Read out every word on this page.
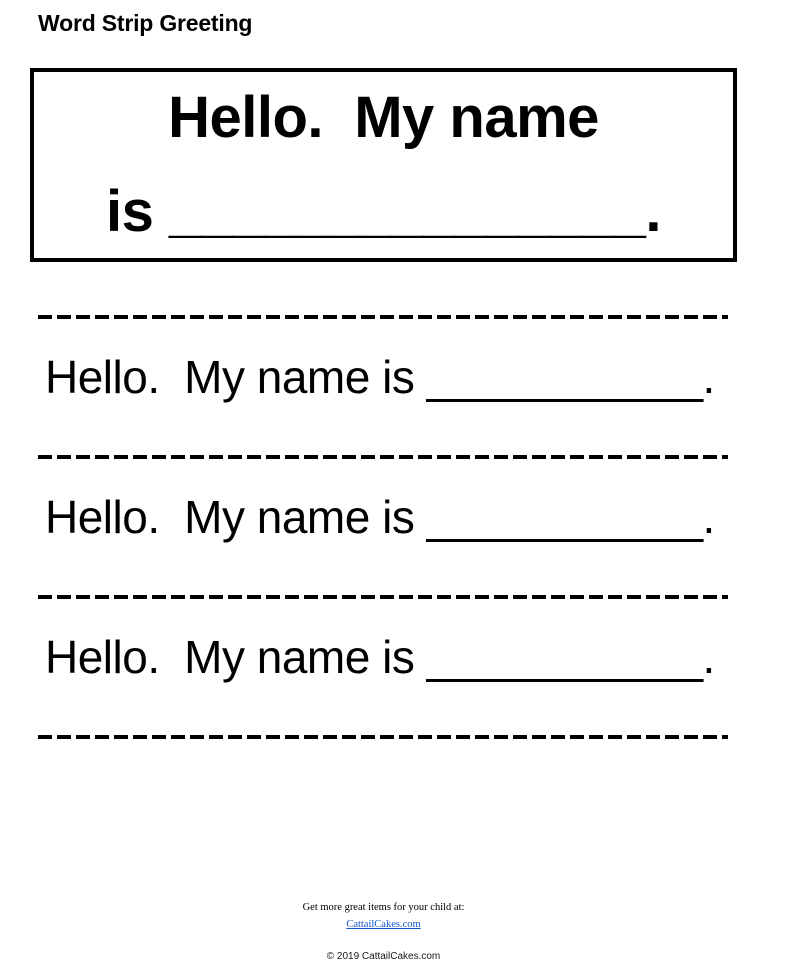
Word Strip Greeting
Hello.  My name
is _______________.
Hello.  My name is ___________.
Hello.  My name is ___________.
Hello.  My name is ___________.
Get more great items for your child at:
CattailCakes.com
© 2019 CattailCakes.com
